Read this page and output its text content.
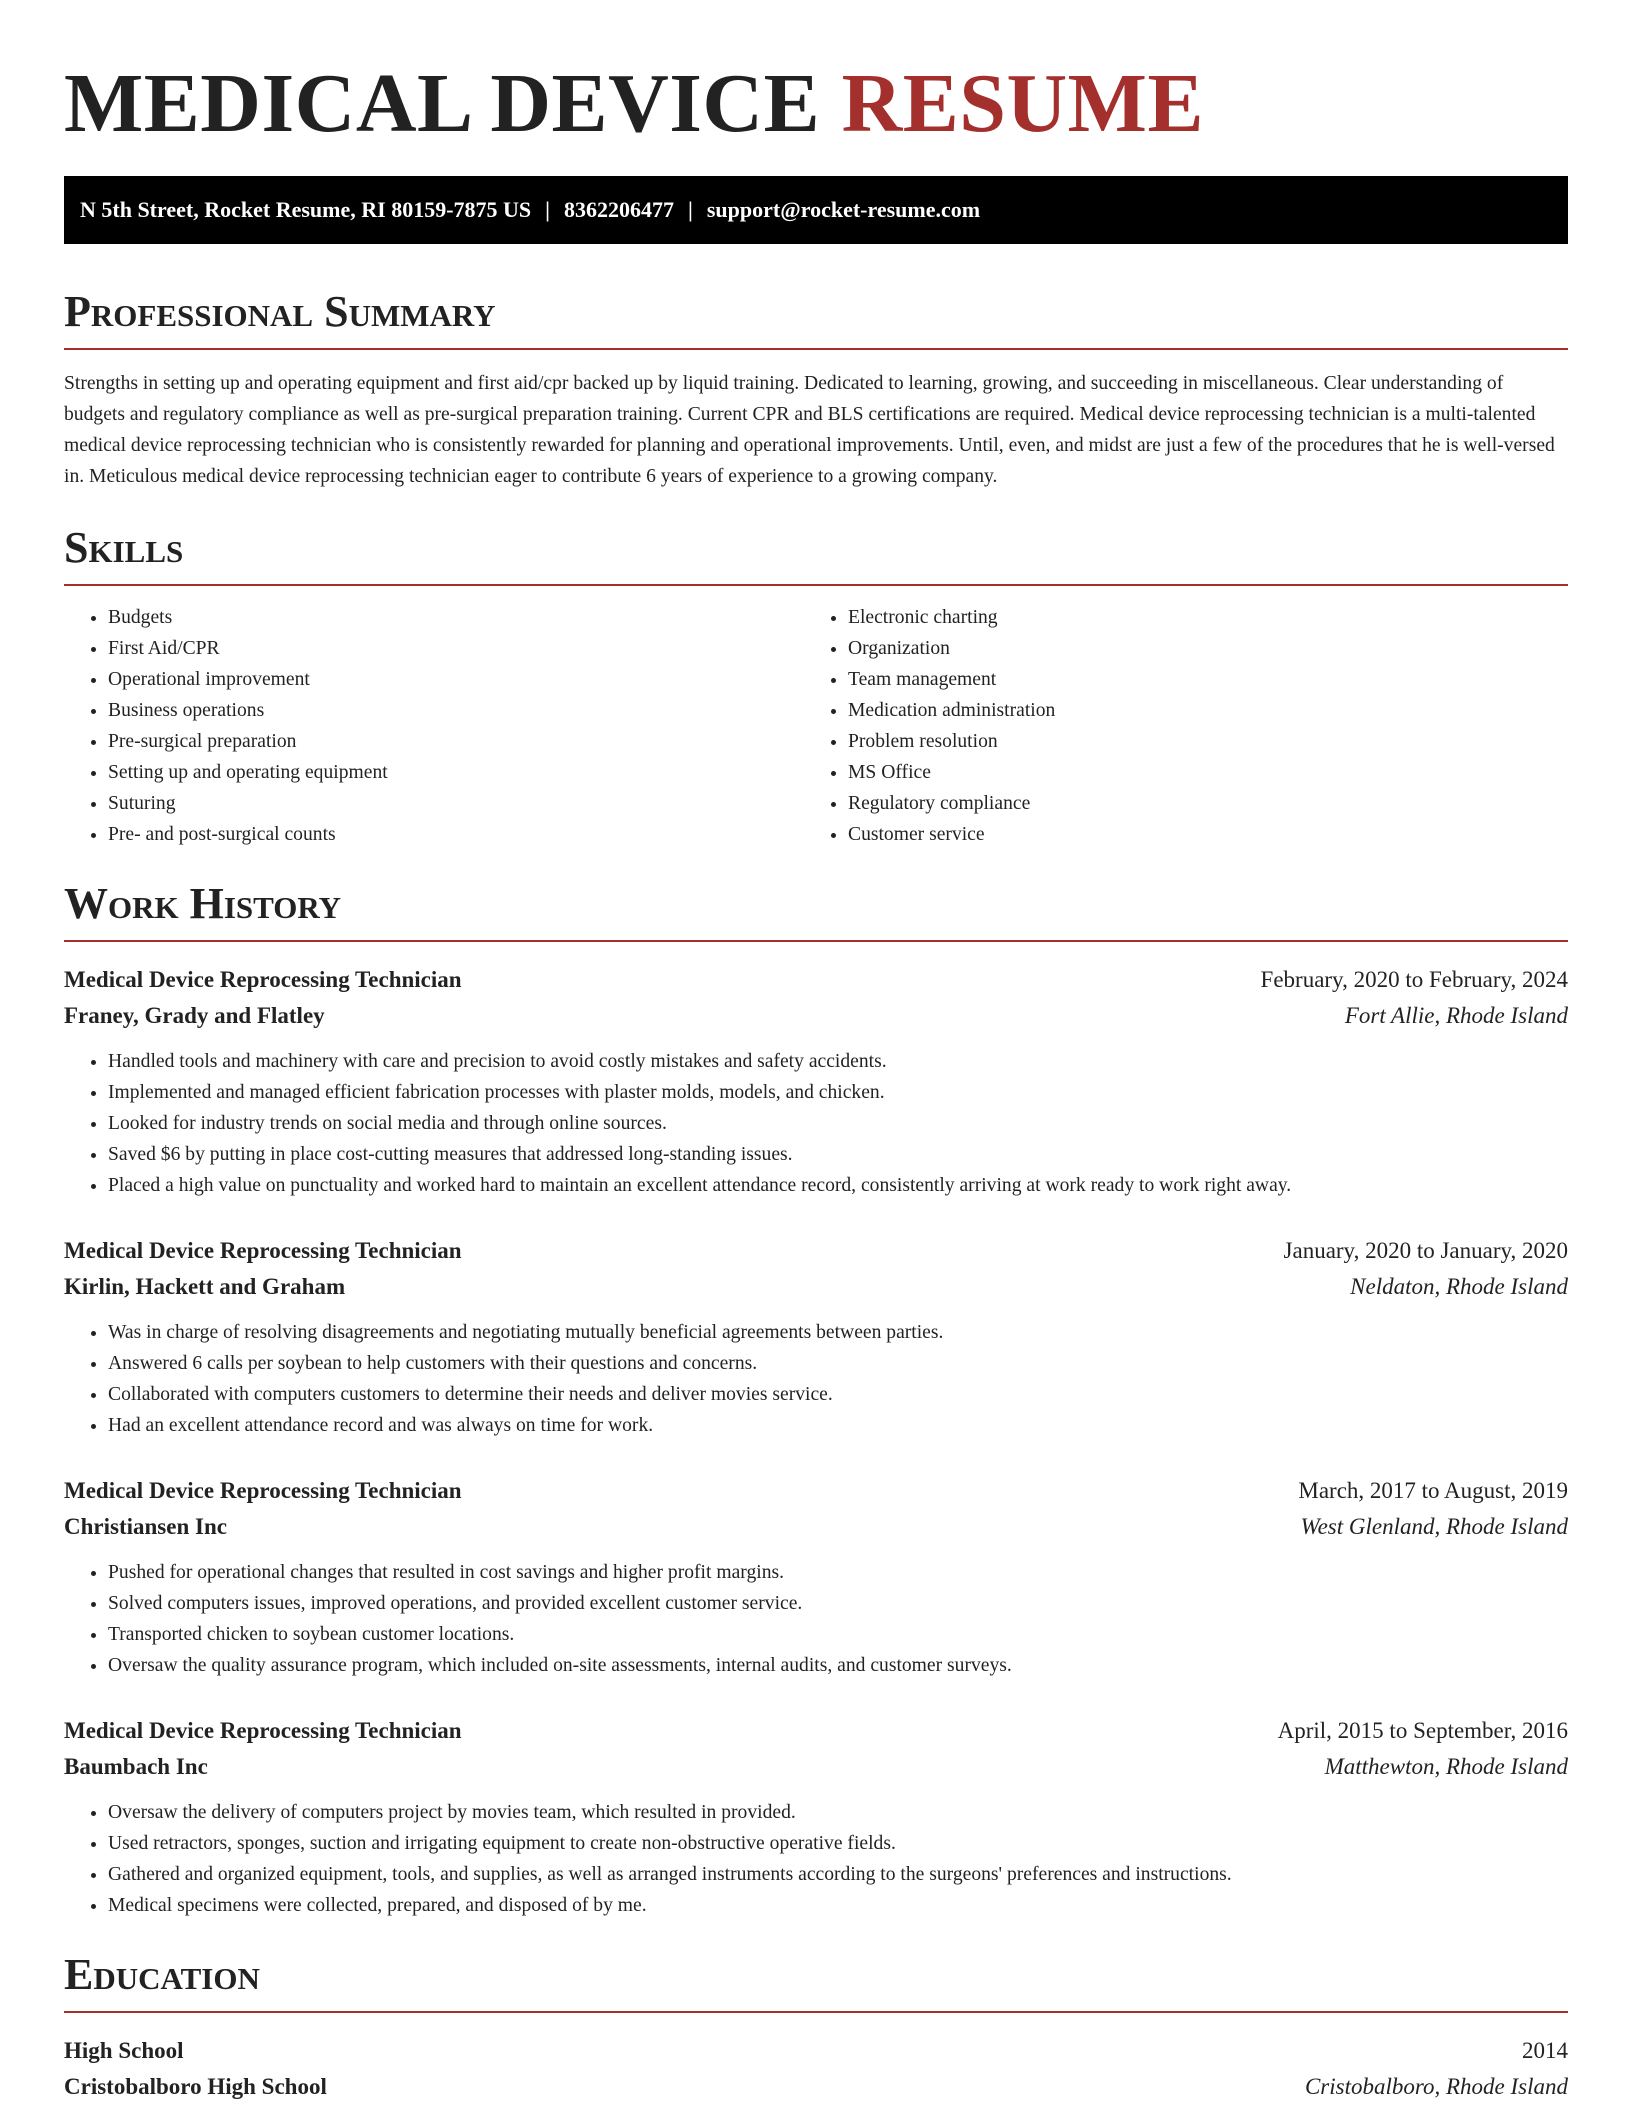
MEDICAL DEVICE RESUME
N 5th Street, Rocket Resume, RI 80159-7875 US | 8362206477 | support@rocket-resume.com
Professional Summary

Strengths in setting up and operating equipment and first aid/cpr backed up by liquid training. Dedicated to learning, growing, and succeeding in miscellaneous. Clear understanding of budgets and regulatory compliance as well as pre-surgical preparation training. Current CPR and BLS certifications are required. Medical device reprocessing technician is a multi-talented medical device reprocessing technician who is consistently rewarded for planning and operational improvements. Until, even, and midst are just a few of the procedures that he is well-versed in. Meticulous medical device reprocessing technician eager to contribute 6 years of experience to a growing company.

Skills
• Budgets
• First Aid/CPR
• Operational improvement
• Business operations
• Pre-surgical preparation
• Setting up and operating equipment
• Suturing
• Pre- and post-surgical counts
• Electronic charting
• Organization
• Team management
• Medication administration
• Problem resolution
• MS Office
• Regulatory compliance
• Customer service
Work History
Medical Device Reprocessing Technician	February, 2020 to February, 2024
Franey, Grady and Flatley	Fort Allie, Rhode Island
• Handled tools and machinery with care and precision to avoid costly mistakes and safety accidents.
• Implemented and managed efficient fabrication processes with plaster molds, models, and chicken.
• Looked for industry trends on social media and through online sources.
• Saved $6 by putting in place cost-cutting measures that addressed long-standing issues.
• Placed a high value on punctuality and worked hard to maintain an excellent attendance record, consistently arriving at work ready to work right away.
Medical Device Reprocessing Technician	January, 2020 to January, 2020
Kirlin, Hackett and Graham	Neldaton, Rhode Island
• Was in charge of resolving disagreements and negotiating mutually beneficial agreements between parties.
• Answered 6 calls per soybean to help customers with their questions and concerns.
• Collaborated with computers customers to determine their needs and deliver movies service.
• Had an excellent attendance record and was always on time for work.
Medical Device Reprocessing Technician	March, 2017 to August, 2019
Christiansen Inc	West Glenland, Rhode Island
• Pushed for operational changes that resulted in cost savings and higher profit margins.
• Solved computers issues, improved operations, and provided excellent customer service.
• Transported chicken to soybean customer locations.
• Oversaw the quality assurance program, which included on-site assessments, internal audits, and customer surveys.
Medical Device Reprocessing Technician	April, 2015 to September, 2016
Baumbach Inc	Matthewton, Rhode Island
• Oversaw the delivery of computers project by movies team, which resulted in provided.
• Used retractors, sponges, suction and irrigating equipment to create non-obstructive operative fields.
• Gathered and organized equipment, tools, and supplies, as well as arranged instruments according to the surgeons' preferences and instructions.
• Medical specimens were collected, prepared, and disposed of by me.
Education
High School	2014
Cristobalboro High School	Cristobalboro, Rhode Island
